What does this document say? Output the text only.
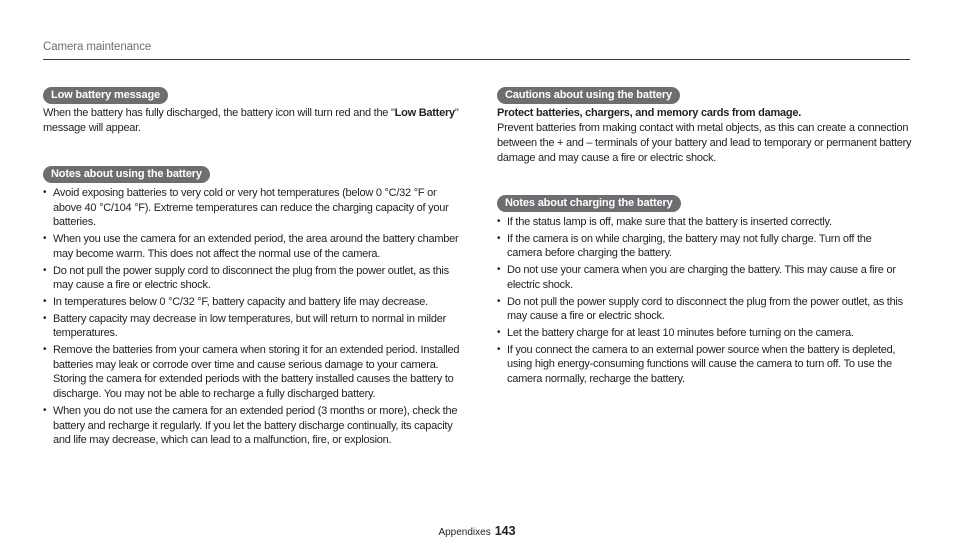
Camera maintenance
Low battery message

When the battery has fully discharged, the battery icon will turn red and the "Low Battery" message will appear.

Notes about using the battery
• Avoid exposing batteries to very cold or very hot temperatures (below 0 °C/32 °F or above 40 °C/104 °F). Extreme temperatures can reduce the charging capacity of your batteries.
• When you use the camera for an extended period, the area around the battery chamber may become warm. This does not affect the normal use of the camera.
• Do not pull the power supply cord to disconnect the plug from the power outlet, as this may cause a fire or electric shock.
• In temperatures below 0 °C/32 °F, battery capacity and battery life may decrease.
• Battery capacity may decrease in low temperatures, but will return to normal in milder temperatures.
• Remove the batteries from your camera when storing it for an extended period. Installed batteries may leak or corrode over time and cause serious damage to your camera. Storing the camera for extended periods with the battery installed causes the battery to discharge. You may not be able to recharge a fully discharged battery.
• When you do not use the camera for an extended period (3 months or more), check the battery and recharge it regularly. If you let the battery discharge continually, its capacity and life may decrease, which can lead to a malfunction, fire, or explosion.
Cautions about using the battery

Protect batteries, chargers, and memory cards from damage.

Prevent batteries from making contact with metal objects, as this can create a connection between the + and – terminals of your battery and lead to temporary or permanent battery damage and may cause a fire or electric shock.

Notes about charging the battery
• If the status lamp is off, make sure that the battery is inserted correctly.
• If the camera is on while charging, the battery may not fully charge. Turn off the camera before charging the battery.
• Do not use your camera when you are charging the battery. This may cause a fire or electric shock.
• Do not pull the power supply cord to disconnect the plug from the power outlet, as this may cause a fire or electric shock.
• Let the battery charge for at least 10 minutes before turning on the camera.
• If you connect the camera to an external power source when the battery is depleted, using high energy-consuming functions will cause the camera to turn off. To use the camera normally, recharge the battery.
Appendixes 143
